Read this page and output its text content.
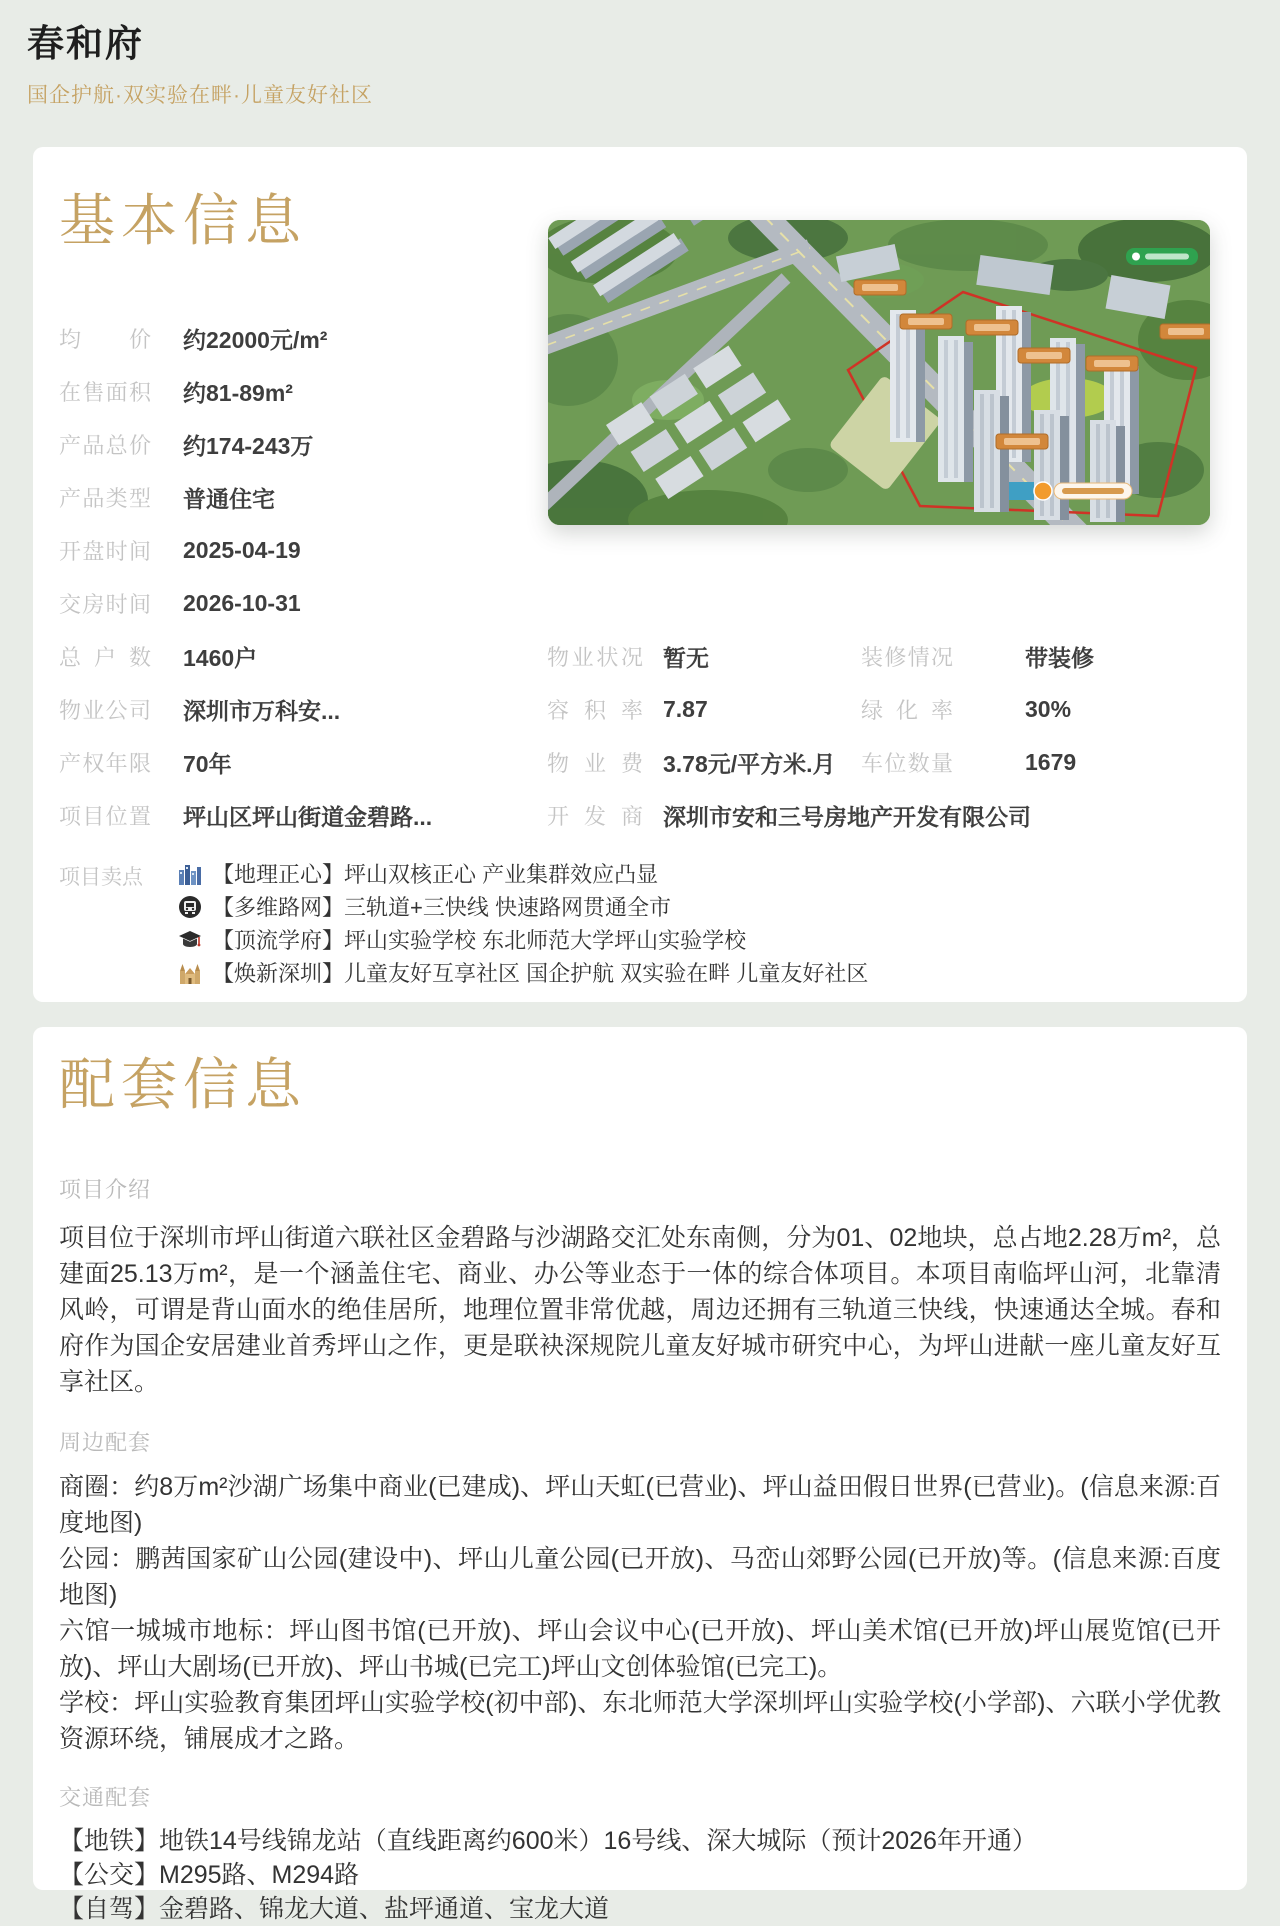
春和府
国企护航·双实验在畔·儿童友好社区
基本信息
均价 约22000元/m²
在售面积 约81-89m²
产品总价 约174-243万
产品类型 普通住宅
开盘时间 2025-04-19
交房时间 2026-10-31
总户数 1460户	物业状况 暂无	装修情况	带装修
物业公司 深圳市万科安...	容积率 7.87	绿化率	30%
产权年限 70年	物业费 3.78元/平方米.月	车位数量	1679
项目位置 坪山区坪山街道金碧路...	开发商 深圳市安和三号房地产开发有限公司
项目卖点	【地理正心】坪山双核正心 产业集群效应凸显
【多维路网】三轨道+三快线 快速路网贯通全市
【顶流学府】坪山实验学校 东北师范大学坪山实验学校
【焕新深圳】儿童友好互享社区 国企护航 双实验在畔 儿童友好社区
配套信息
项目介绍
项目位于深圳市坪山街道六联社区金碧路与沙湖路交汇处东南侧，分为01、02地块，总占地2.28万m²，总建面25.13万m²，是一个涵盖住宅、商业、办公等业态于一体的综合体项目。本项目南临坪山河，北靠清风岭，可谓是背山面水的绝佳居所，地理位置非常优越，周边还拥有三轨道三快线，快速通达全城。春和府作为国企安居建业首秀坪山之作，更是联袂深规院儿童友好城市研究中心，为坪山进献一座儿童友好互享社区。
周边配套
商圈：约8万m²沙湖广场集中商业(已建成)、坪山天虹(已营业)、坪山益田假日世界(已营业)。(信息来源:百度地图)
公园：鹏茜国家矿山公园(建设中)、坪山儿童公园(已开放)、马峦山郊野公园(已开放)等。(信息来源:百度地图)
六馆一城城市地标：坪山图书馆(已开放)、坪山会议中心(已开放)、坪山美术馆(已开放)坪山展览馆(已开放)、坪山大剧场(已开放)、坪山书城(已完工)坪山文创体验馆(已完工)。
学校：坪山实验教育集团坪山实验学校(初中部)、东北师范大学深圳坪山实验学校(小学部)、六联小学优教资源环绕，铺展成才之路。
交通配套
【地铁】地铁14号线锦龙站（直线距离约600米）16号线、深大城际（预计2026年开通）
【公交】M295路、M294路
【自驾】金碧路、锦龙大道、盐坪通道、宝龙大道
